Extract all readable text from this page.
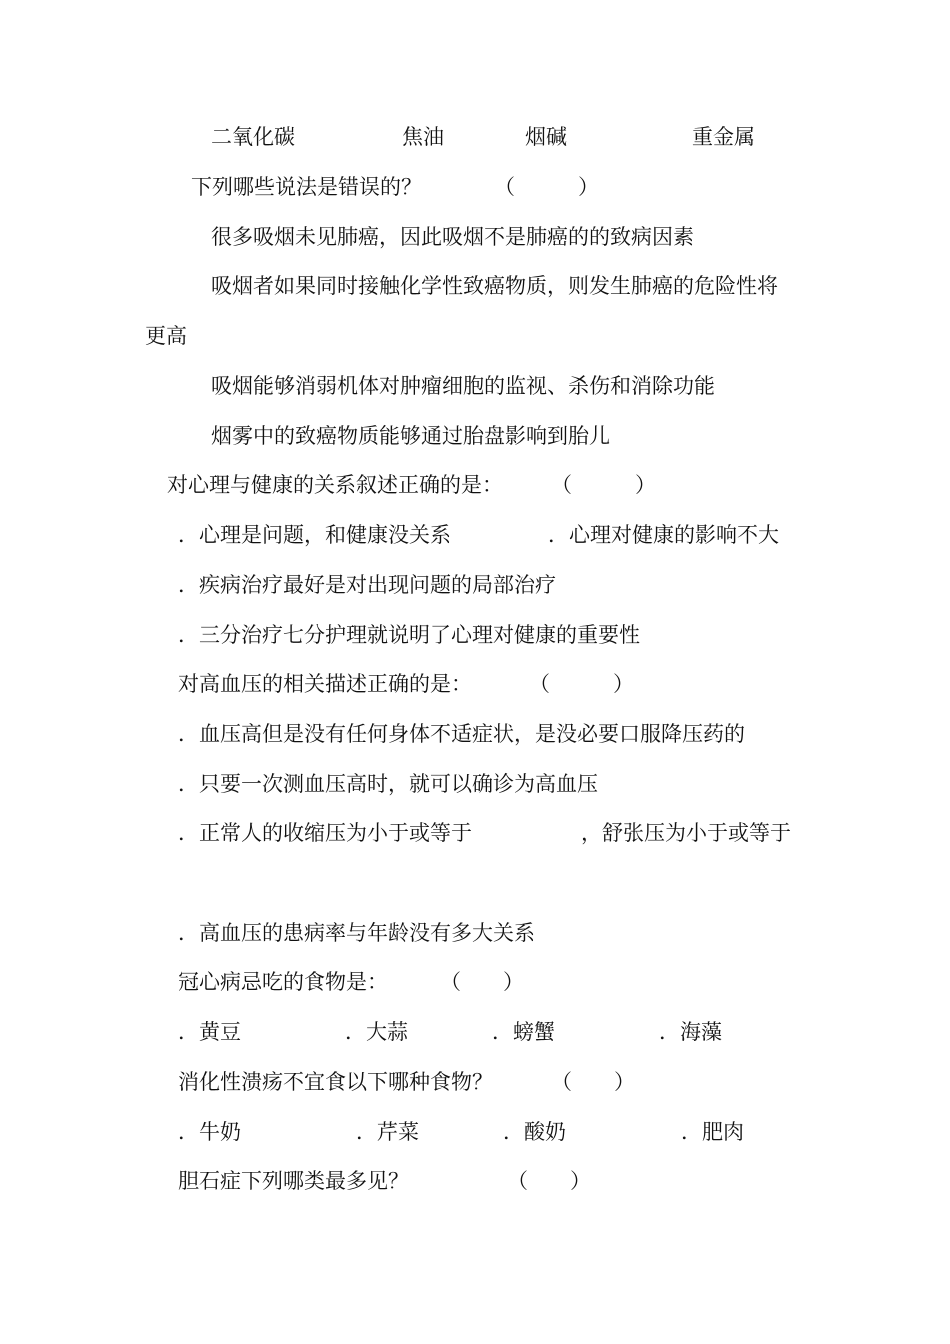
二氧化碳	焦油	烟碱	重金属
下列哪些说法是错误的？	（　　　）
很多吸烟未见肺癌，因此吸烟不是肺癌的的致病因素
吸烟者如果同时接触化学性致癌物质，则发生肺癌的危险性将
更高
吸烟能够消弱机体对肿瘤细胞的监视、杀伤和消除功能
烟雾中的致癌物质能够通过胎盘影响到胎儿
对心理与健康的关系叙述正确的是： （　　　）
．心理是问题，和健康没关系	．心理对健康的影响不大
．疾病治疗最好是对出现问题的局部治疗
．三分治疗七分护理就说明了心理对健康的重要性
对高血压的相关描述正确的是：	（　　　）
．血压高但是没有任何身体不适症状，是没必要口服降压药的
．只要一次测血压高时，就可以确诊为高血压
．正常人的收缩压为小于或等于	，舒张压为小于或等于
．高血压的患病率与年龄没有多大关系
冠心病忌吃的食物是： （　　）
．黄豆	．大蒜	．螃蟹	．海藻
消化性溃疡不宜食以下哪种食物？	（　　）
．牛奶	．芹菜	．酸奶	．肥肉
胆石症下列哪类最多见？	（　　）
